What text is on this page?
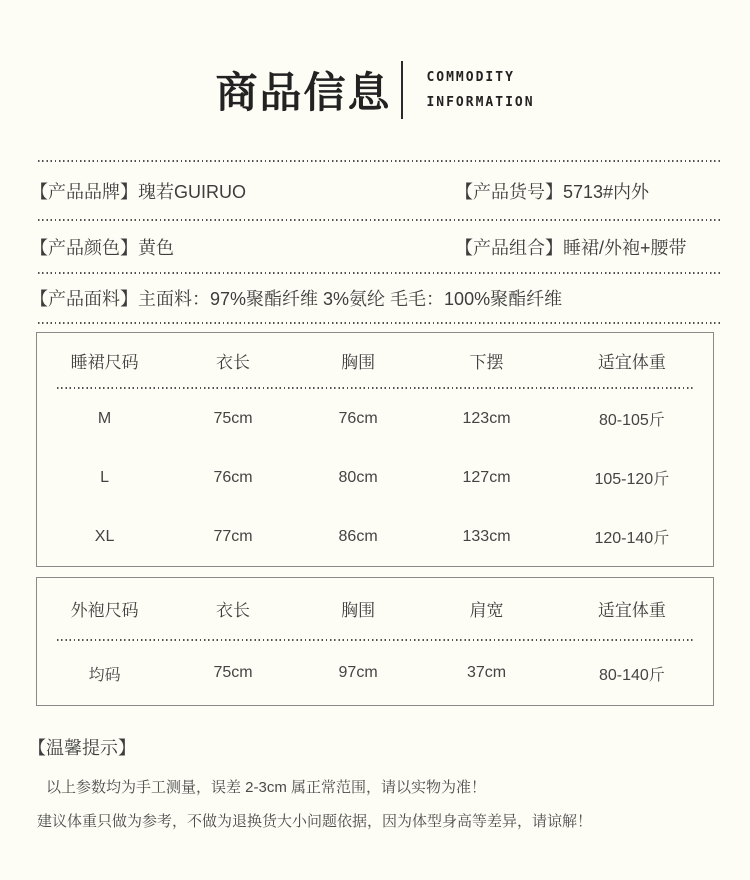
商品信息	COMMODITY
INFORMATION
【产品品牌】瑰若GUIRUO	【产品货号】5713#内外
【产品颜色】黄色	【产品组合】睡裙/外袍+腰带
【产品面料】主面料：97%聚酯纤维 3%氨纶 毛毛：100%聚酯纤维
睡裙尺码	衣长	胸围	下摆	适宜体重
M	75cm	76cm	123cm	80-105斤
L	76cm	80cm	127cm	105-120斤
XL	77cm	86cm	133cm	120-140斤
外袍尺码	衣长	胸围	肩宽	适宜体重
均码	75cm	97cm	37cm	80-140斤
【温馨提示】
以上参数均为手工测量，误差 2-3cm 属正常范围，请以实物为准！
建议体重只做为参考，不做为退换货大小问题依据，因为体型身高等差异，请谅解！
